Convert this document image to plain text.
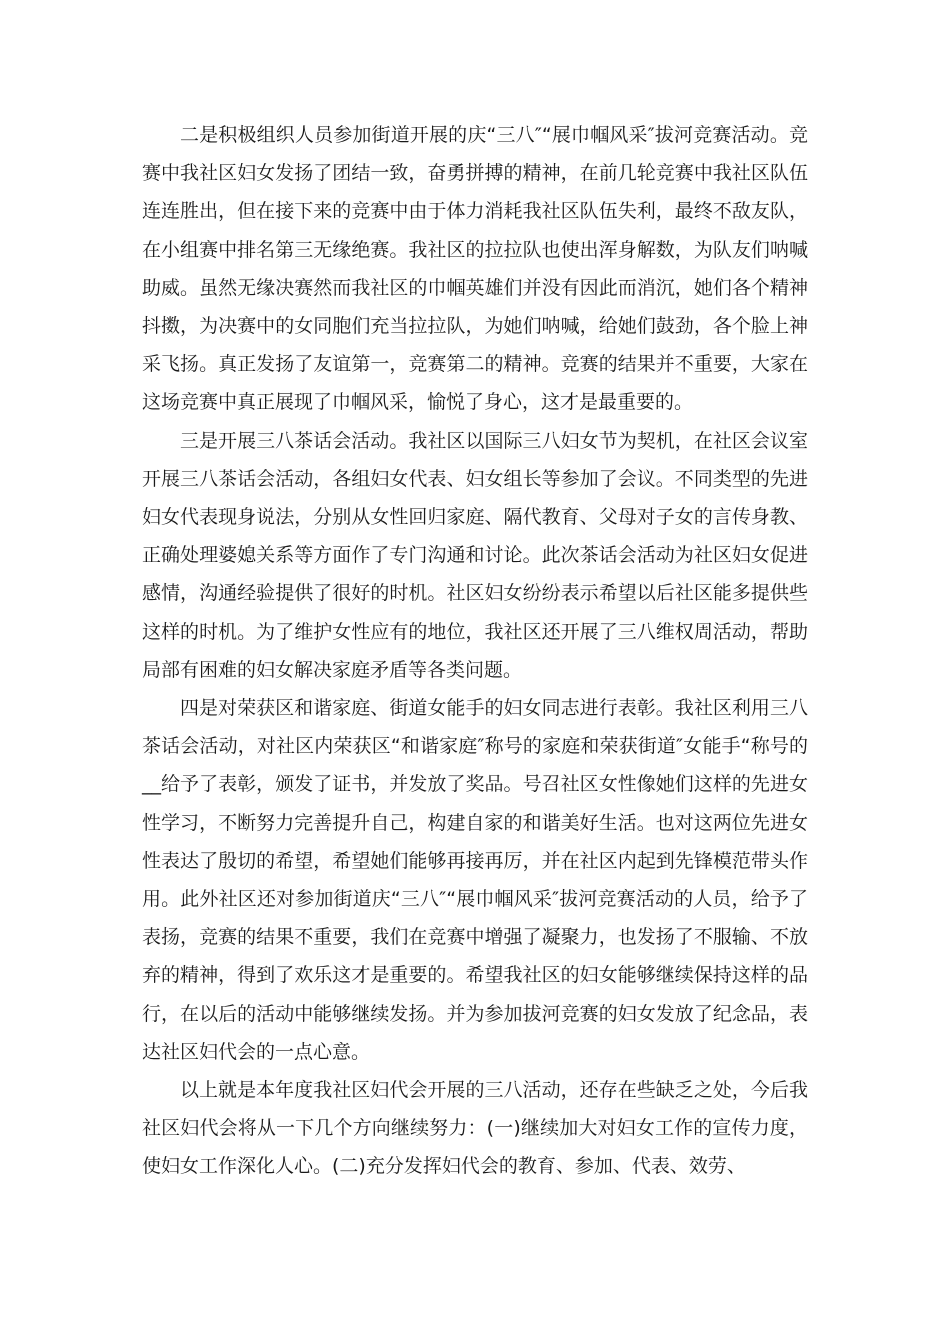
二是积极组织人员参加街道开展的庆“三八″“展巾帼风采″拔河竞赛活动。竞赛中我社区妇女发扬了团结一致，奋勇拼搏的精神，在前几轮竞赛中我社区队伍连连胜出，但在接下来的竞赛中由于体力消耗我社区队伍失利，最终不敌友队，在小组赛中排名第三无缘绝赛。我社区的拉拉队也使出浑身解数，为队友们呐喊助威。虽然无缘决赛然而我社区的巾帼英雄们并没有因此而消沉，她们各个精神抖擞，为决赛中的女同胞们充当拉拉队，为她们呐喊，给她们鼓劲，各个脸上神采飞扬。真正发扬了友谊第一，竞赛第二的精神。竞赛的结果并不重要，大家在这场竞赛中真正展现了巾帼风采，愉悦了身心，这才是最重要的。

三是开展三八茶话会活动。我社区以国际三八妇女节为契机，在社区会议室开展三八茶话会活动，各组妇女代表、妇女组长等参加了会议。不同类型的先进妇女代表现身说法，分别从女性回归家庭、隔代教育、父母对子女的言传身教、正确处理婆媳关系等方面作了专门沟通和讨论。此次茶话会活动为社区妇女促进感情，沟通经验提供了很好的时机。社区妇女纷纷表示希望以后社区能多提供些这样的时机。为了维护女性应有的地位，我社区还开展了三八维权周活动，帮助局部有困难的妇女解决家庭矛盾等各类问题。

四是对荣获区和谐家庭、街道女能手的妇女同志进行表彰。我社区利用三八茶话会活动，对社区内荣获区“和谐家庭″称号的家庭和荣获街道″女能手“称号的__给予了表彰，颁发了证书，并发放了奖品。号召社区女性像她们这样的先进女性学习，不断努力完善提升自己，构建自家的和谐美好生活。也对这两位先进女性表达了殷切的希望，希望她们能够再接再厉，并在社区内起到先锋模范带头作用。此外社区还对参加街道庆“三八″“展巾帼风采″拔河竞赛活动的人员，给予了表扬，竞赛的结果不重要，我们在竞赛中增强了凝聚力，也发扬了不服输、不放弃的精神，得到了欢乐这才是重要的。希望我社区的妇女能够继续保持这样的品行，在以后的活动中能够继续发扬。并为参加拔河竞赛的妇女发放了纪念品，表达社区妇代会的一点心意。

以上就是本年度我社区妇代会开展的三八活动，还存在些缺乏之处，今后我社区妇代会将从一下几个方向继续努力：(一)继续加大对妇女工作的宣传力度，使妇女工作深化人心。(二)充分发挥妇代会的教育、参加、代表、效劳、
